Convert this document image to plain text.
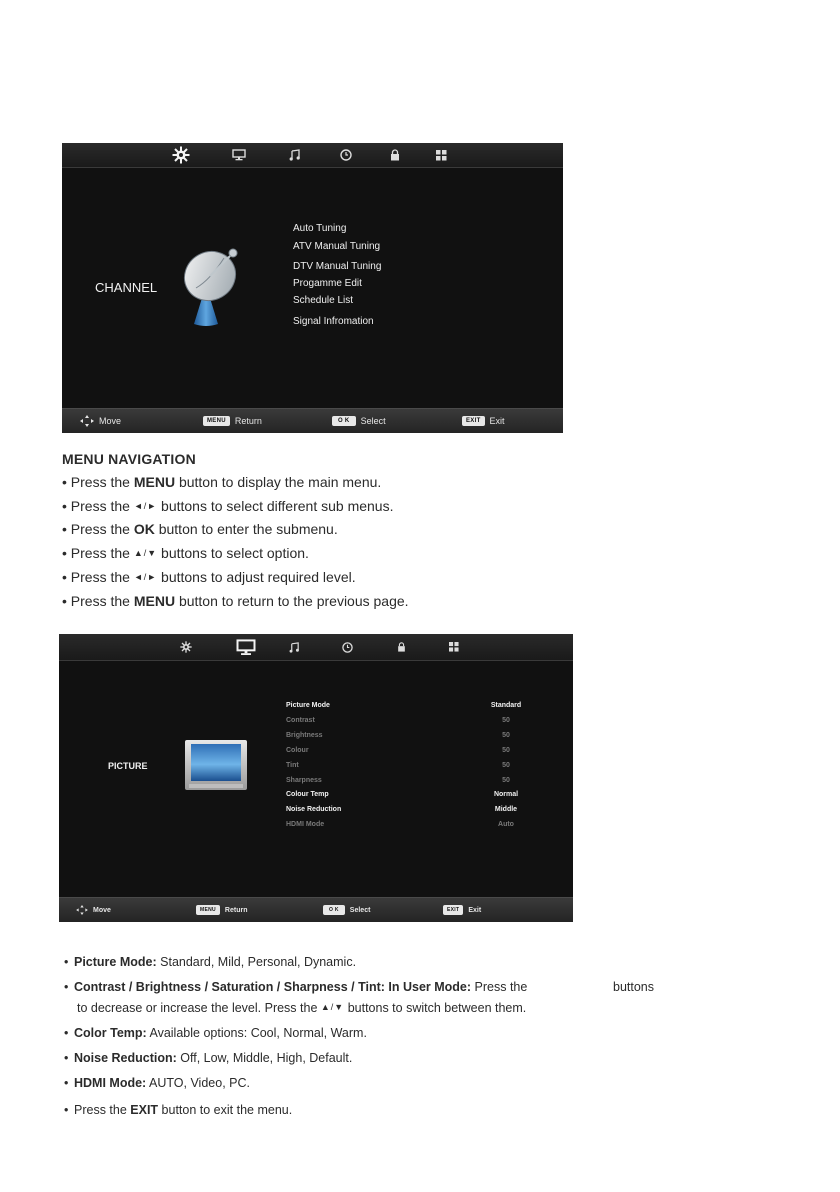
CHANNEL
Auto Tuning
ATV Manual Tuning
DTV Manual Tuning
Progamme Edit
Schedule List
Signal Infromation
Move	MENU	Return	O K	Select	EXIT	Exit
MENU NAVIGATION
• Press the MENU button to display the main menu.
• Press the ◄/► buttons to select different sub menus.
• Press the OK button to enter the submenu.
• Press the ▲/▼ buttons to select option.
• Press the ◄/► buttons to adjust required level.
• Press the MENU button to return to the previous page.
PICTURE
Picture Mode	Standard
Contrast	50
Brightness	50
Colour	50
Tint	50
Sharpness	50
Colour Temp	Normal
Noise Reduction	Middle
HDMI Mode	Auto
Move	MENU	Return	O K	Select	EXIT	Exit
• Picture Mode: Standard, Mild, Personal, Dynamic.
• Contrast / Brightness / Saturation / Sharpness / Tint: In User Mode: Press the	buttons
to decrease or increase the level. Press the ▲/▼ buttons to switch between them.
• Color Temp: Available options: Cool, Normal, Warm.
• Noise Reduction: Off, Low, Middle, High, Default.
• HDMI Mode: AUTO, Video, PC.
• Press the EXIT button to exit the menu.
